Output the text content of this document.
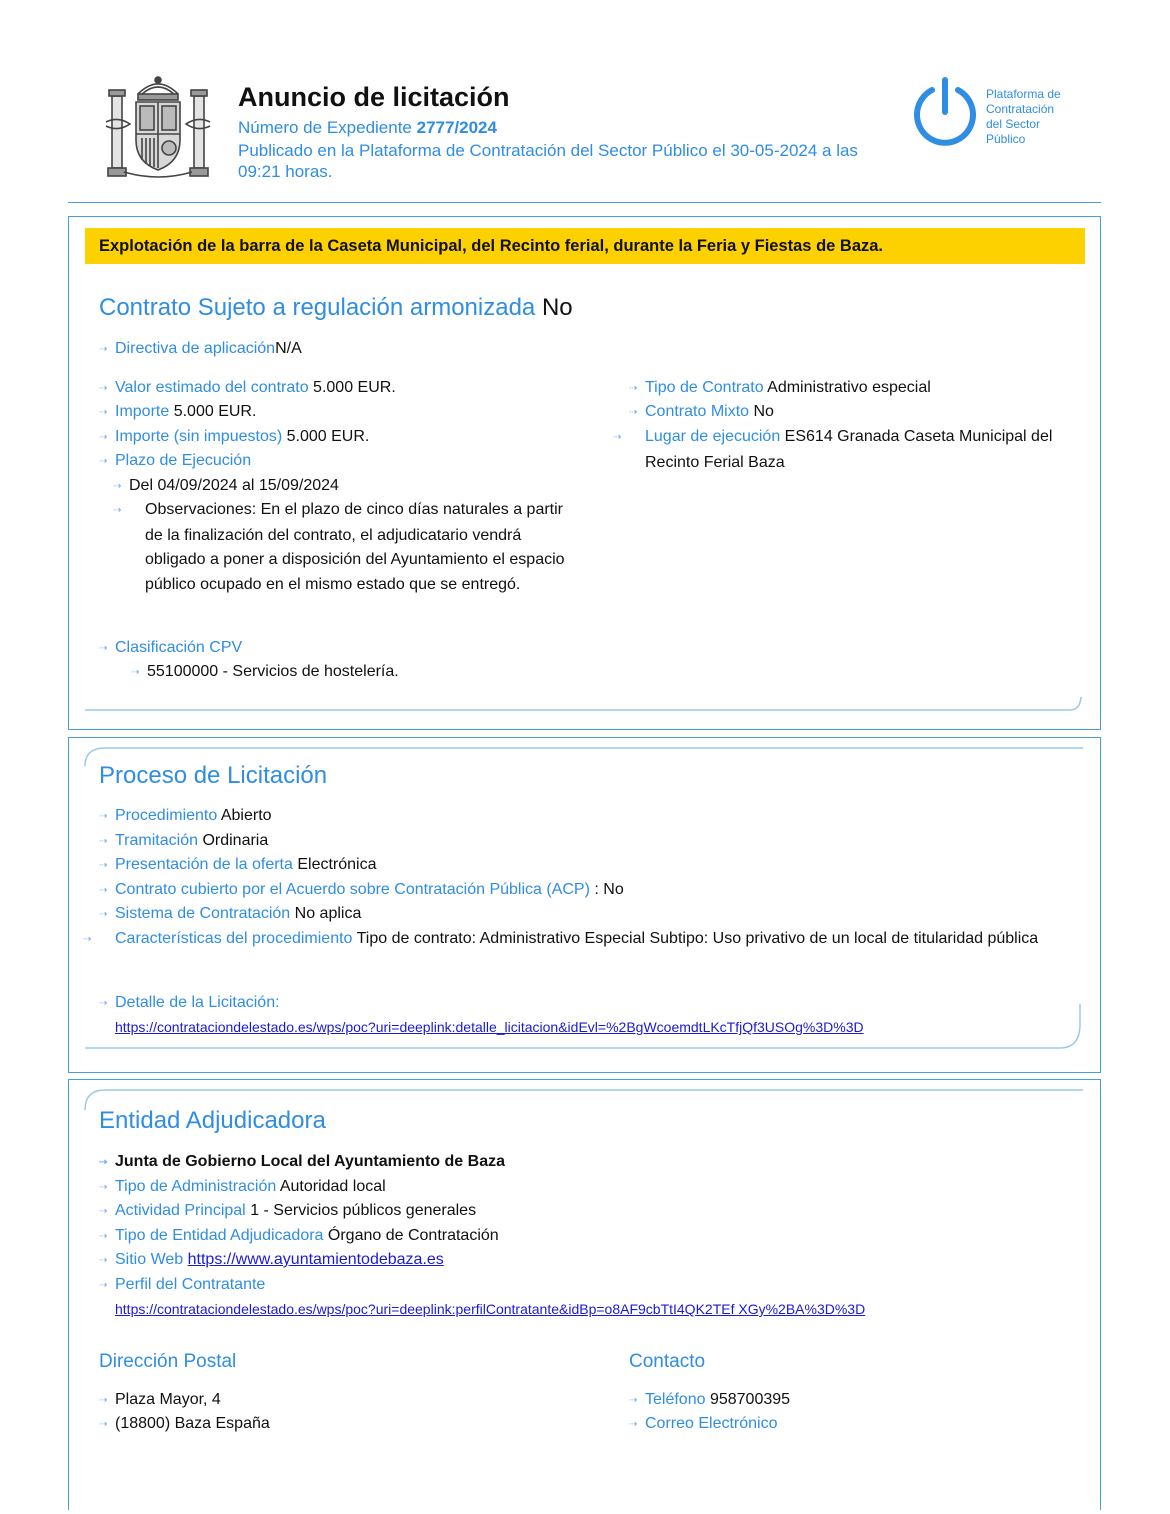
Anuncio de licitación
Número de Expediente 2777/2024
Publicado en la Plataforma de Contratación del Sector Público el 30-05-2024 a las 09:21 horas.
Plataforma de
Contratación
del Sector
Público
Explotación de la barra de la Caseta Municipal, del Recinto ferial, durante la Feria y Fiestas de Baza.
Contrato Sujeto a regulación armonizada No
⇢ Directiva de aplicaciónN/A
⇢ Valor estimado del contrato 5.000 EUR.
⇢ Importe 5.000 EUR.
⇢ Importe (sin impuestos) 5.000 EUR.
⇢ Plazo de Ejecución
⇢ Del 04/09/2024 al 15/09/2024
⇢ Observaciones: En el plazo de cinco días naturales a partir de la finalización del contrato, el adjudicatario vendrá obligado a poner a disposición del Ayuntamiento el espacio público ocupado en el mismo estado que se entregó.
⇢ Clasificación CPV
⇢ 55100000 - Servicios de hostelería.
⇢ Tipo de Contrato Administrativo especial
⇢ Contrato Mixto No
⇢ Lugar de ejecución ES614 Granada Caseta Municipal del Recinto Ferial Baza
Proceso de Licitación
⇢ Procedimiento Abierto
⇢ Tramitación Ordinaria
⇢ Presentación de la oferta Electrónica
⇢ Contrato cubierto por el Acuerdo sobre Contratación Pública (ACP) : No
⇢ Sistema de Contratación No aplica
⇢ Características del procedimiento Tipo de contrato: Administrativo Especial Subtipo: Uso privativo de un local de titularidad pública
⇢ Detalle de la Licitación:
https://contrataciondelestado.es/wps/poc?uri=deeplink:detalle_licitacion&idEvl=%2BgWcoemdtLKcTfjQf3USOg%3D%3D
Entidad Adjudicadora
⇢ Junta de Gobierno Local del Ayuntamiento de Baza
⇢ Tipo de Administración Autoridad local
⇢ Actividad Principal 1 - Servicios públicos generales
⇢ Tipo de Entidad Adjudicadora Órgano de Contratación
⇢ Sitio Web https://www.ayuntamientodebaza.es
⇢ Perfil del Contratante
https://contrataciondelestado.es/wps/poc?uri=deeplink:perfilContratante&idBp=o8AF9cbTtI4QK2TEf XGy%2BA%3D%3D
Dirección Postal
⇢ Plaza Mayor, 4
⇢ (18800) Baza España
Contacto
⇢ Teléfono 958700395
⇢ Correo Electrónico
